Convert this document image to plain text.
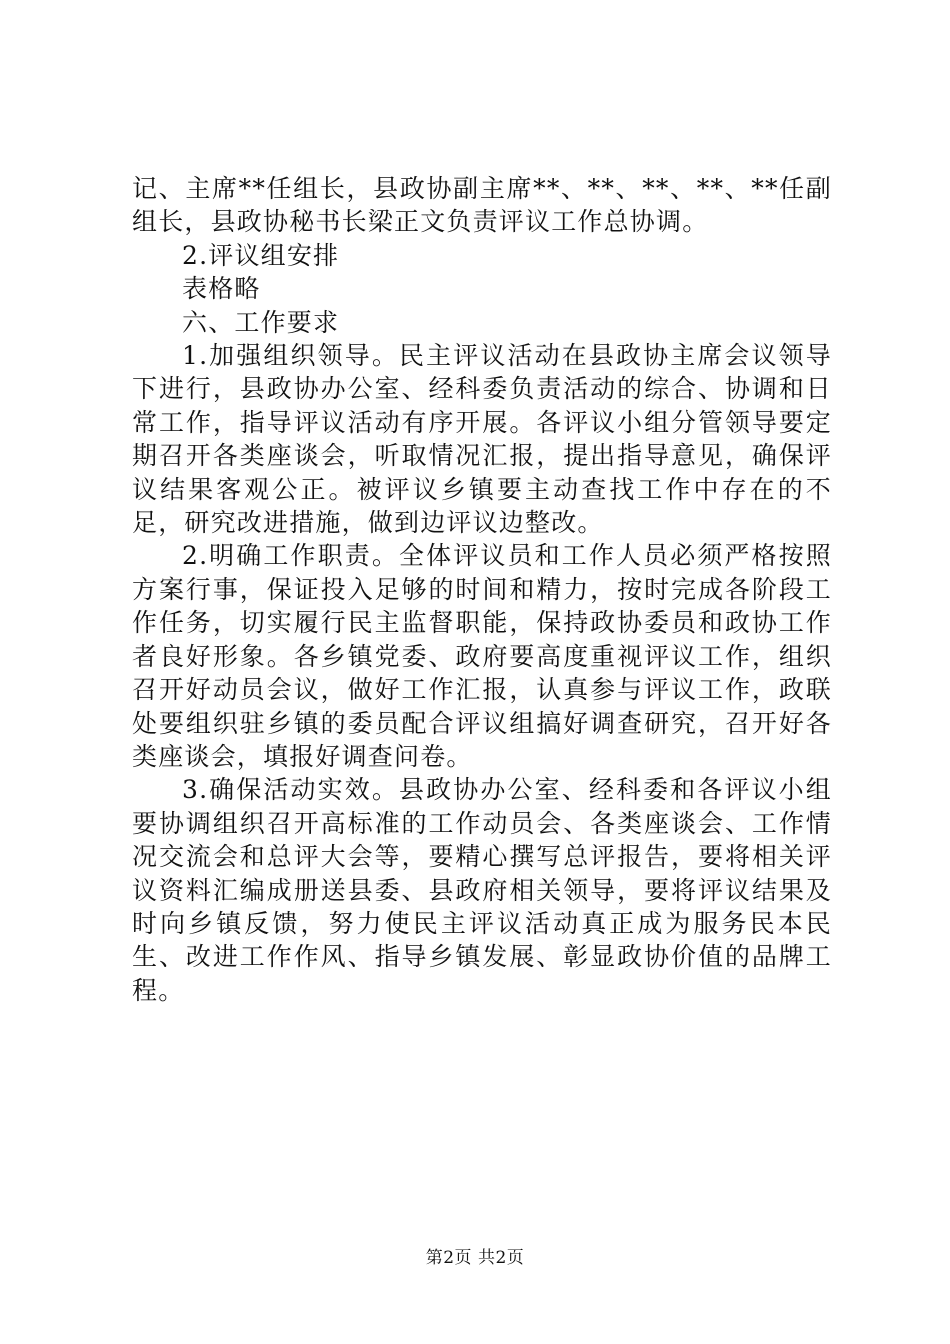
记、主席**任组长，县政协副主席**、**、**、**、**任副组长，县政协秘书长梁正文负责评议工作总协调。

2.评议组安排

表格略

六、工作要求

1.加强组织领导。民主评议活动在县政协主席会议领导下进行，县政协办公室、经科委负责活动的综合、协调和日常工作，指导评议活动有序开展。各评议小组分管领导要定期召开各类座谈会，听取情况汇报，提出指导意见，确保评议结果客观公正。被评议乡镇要主动查找工作中存在的不足，研究改进措施，做到边评议边整改。

2.明确工作职责。全体评议员和工作人员必须严格按照方案行事，保证投入足够的时间和精力，按时完成各阶段工作任务，切实履行民主监督职能，保持政协委员和政协工作者良好形象。各乡镇党委、政府要高度重视评议工作，组织召开好动员会议，做好工作汇报，认真参与评议工作，政联处要组织驻乡镇的委员配合评议组搞好调查研究，召开好各类座谈会，填报好调查问卷。

3.确保活动实效。县政协办公室、经科委和各评议小组要协调组织召开高标准的工作动员会、各类座谈会、工作情况交流会和总评大会等，要精心撰写总评报告，要将相关评议资料汇编成册送县委、县政府相关领导，要将评议结果及时向乡镇反馈，努力使民主评议活动真正成为服务民本民生、改进工作作风、指导乡镇发展、彰显政协价值的品牌工程。

第2页 共2页
